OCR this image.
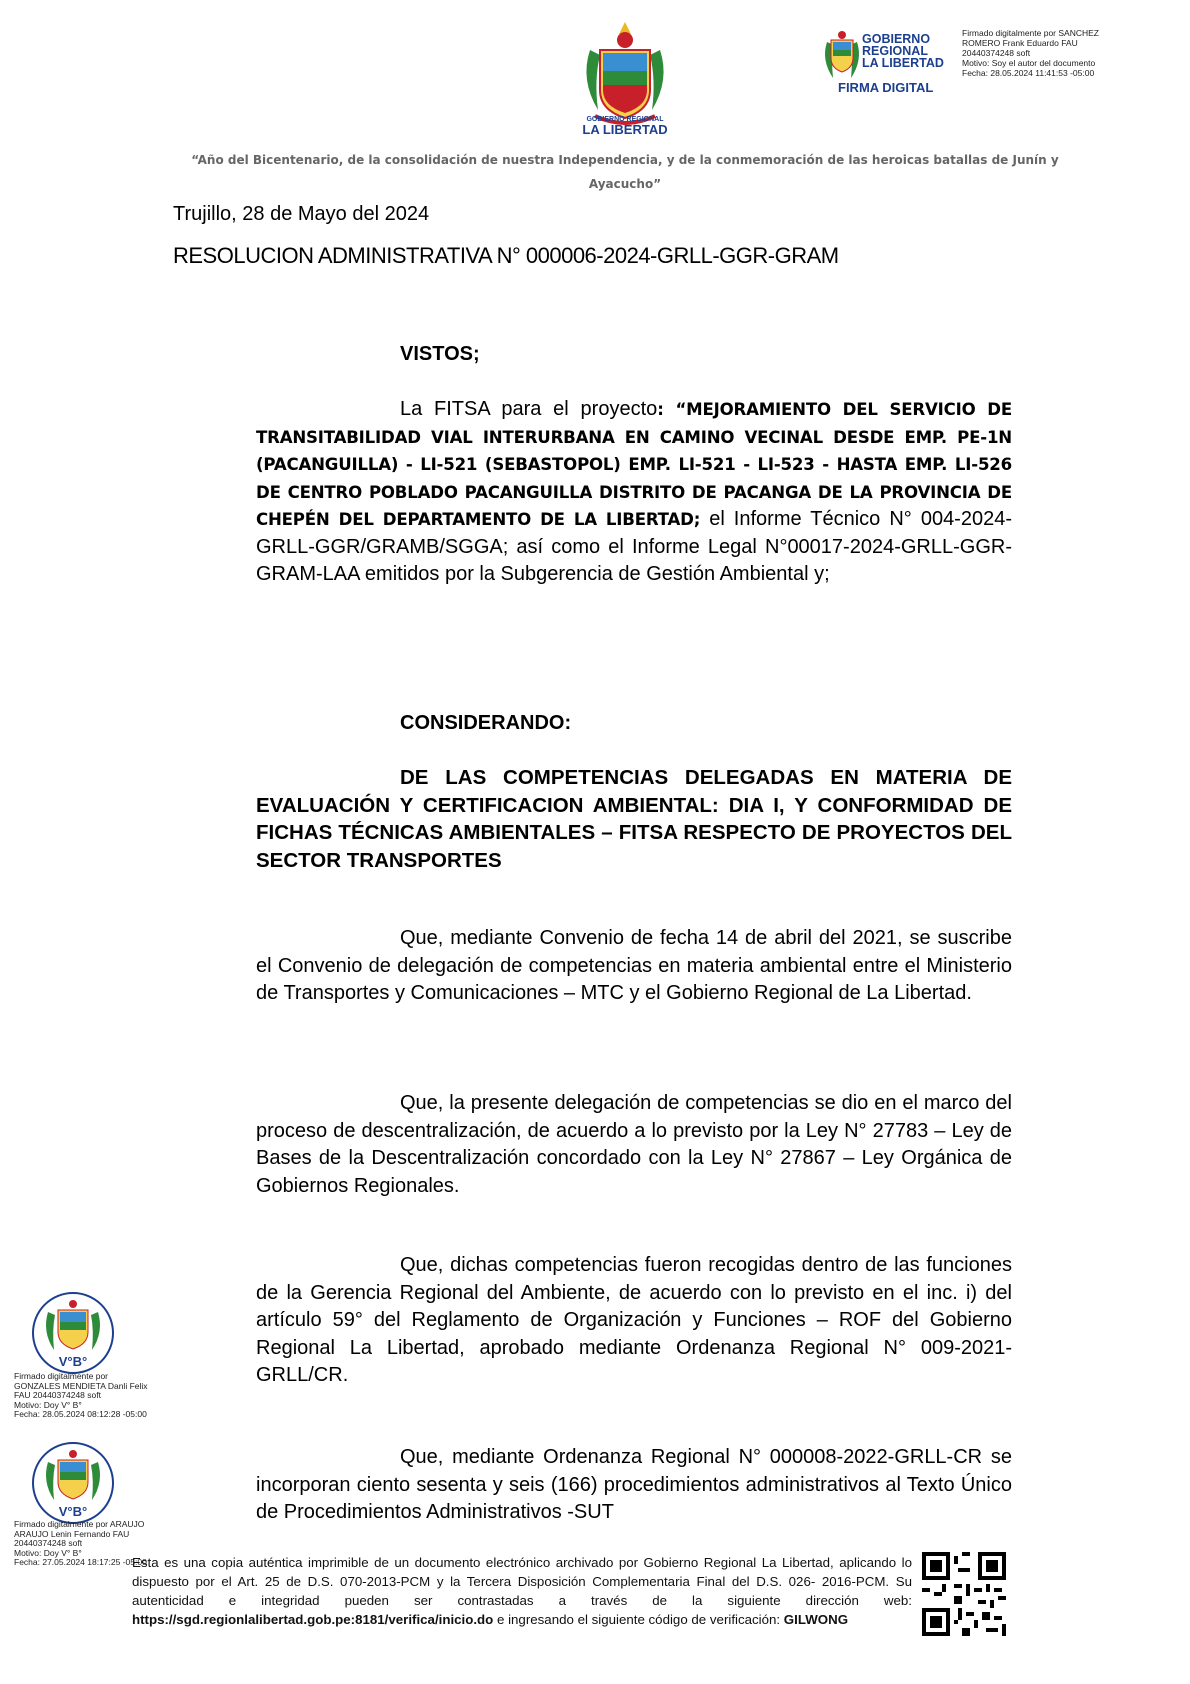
GOBIERNO REGIONAL
LA LIBERTAD
GOBIERNO
REGIONAL
LA LIBERTAD
FIRMA DIGITAL
Firmado digitalmente por SANCHEZ
ROMERO Frank Eduardo FAU
20440374248 soft
Motivo: Soy el autor del documento
Fecha: 28.05.2024 11:41:53 -05:00
“Año del Bicentenario, de la consolidación de nuestra Independencia, y de la conmemoración de las heroicas batallas de Junín y Ayacucho”
Trujillo, 28 de Mayo del 2024
RESOLUCION ADMINISTRATIVA N° 000006-2024-GRLL-GGR-GRAM
VISTOS;
La FITSA para el proyecto: “MEJORAMIENTO DEL SERVICIO DE TRANSITABILIDAD VIAL INTERURBANA EN CAMINO VECINAL DESDE EMP. PE-1N (PACANGUILLA) - LI-521 (SEBASTOPOL) EMP. LI-521 - LI-523 - HASTA EMP. LI-526 DE CENTRO POBLADO PACANGUILLA DISTRITO DE PACANGA DE LA PROVINCIA DE CHEPÉN DEL DEPARTAMENTO DE LA LIBERTAD; el Informe Técnico N° 004-2024-GRLL-GGR/GRAMB/SGGA; así como el Informe Legal N°00017-2024-GRLL-GGR-GRAM-LAA emitidos por la Subgerencia de Gestión Ambiental y;
CONSIDERANDO:
DE LAS COMPETENCIAS DELEGADAS EN MATERIA DE EVALUACIÓN Y CERTIFICACION AMBIENTAL: DIA I, Y CONFORMIDAD DE FICHAS TÉCNICAS AMBIENTALES – FITSA RESPECTO DE PROYECTOS DEL SECTOR TRANSPORTES
Que, mediante Convenio de fecha 14 de abril del 2021, se suscribe el Convenio de delegación de competencias en materia ambiental entre el Ministerio de Transportes y Comunicaciones – MTC y el Gobierno Regional de La Libertad.
Que, la presente delegación de competencias se dio en el marco del proceso de descentralización, de acuerdo a lo previsto por la Ley N° 27783 – Ley de Bases de la Descentralización concordado con la Ley N° 27867 – Ley Orgánica de Gobiernos Regionales.
Que, dichas competencias fueron recogidas dentro de las funciones de la Gerencia Regional del Ambiente, de acuerdo con lo previsto en el inc. i) del artículo 59° del Reglamento de Organización y Funciones – ROF del Gobierno Regional La Libertad, aprobado mediante Ordenanza Regional N° 009-2021-GRLL/CR.
Que, mediante Ordenanza Regional N° 000008-2022-GRLL-CR se incorporan ciento sesenta y seis (166) procedimientos administrativos al Texto Único de Procedimientos Administrativos -SUT
V°B°
Firmado digitalmente por
GONZALES MENDIETA Danli Felix
FAU 20440374248 soft
Motivo: Doy V° B°
Fecha: 28.05.2024 08:12:28 -05:00
V°B°
Firmado digitalmente por ARAUJO
ARAUJO Lenin Fernando FAU
20440374248 soft
Motivo: Doy V° B°
Fecha: 27.05.2024 18:17:25 -05:00
Esta es una copia auténtica imprimible de un documento electrónico archivado por Gobierno Regional La Libertad, aplicando lo dispuesto por el Art. 25 de D.S. 070-2013-PCM y la Tercera Disposición Complementaria Final del D.S. 026- 2016-PCM. Su autenticidad e integridad pueden ser contrastadas a través de la siguiente dirección web: https://sgd.regionlalibertad.gob.pe:8181/verifica/inicio.do e ingresando el siguiente código de verificación: GILWONG
